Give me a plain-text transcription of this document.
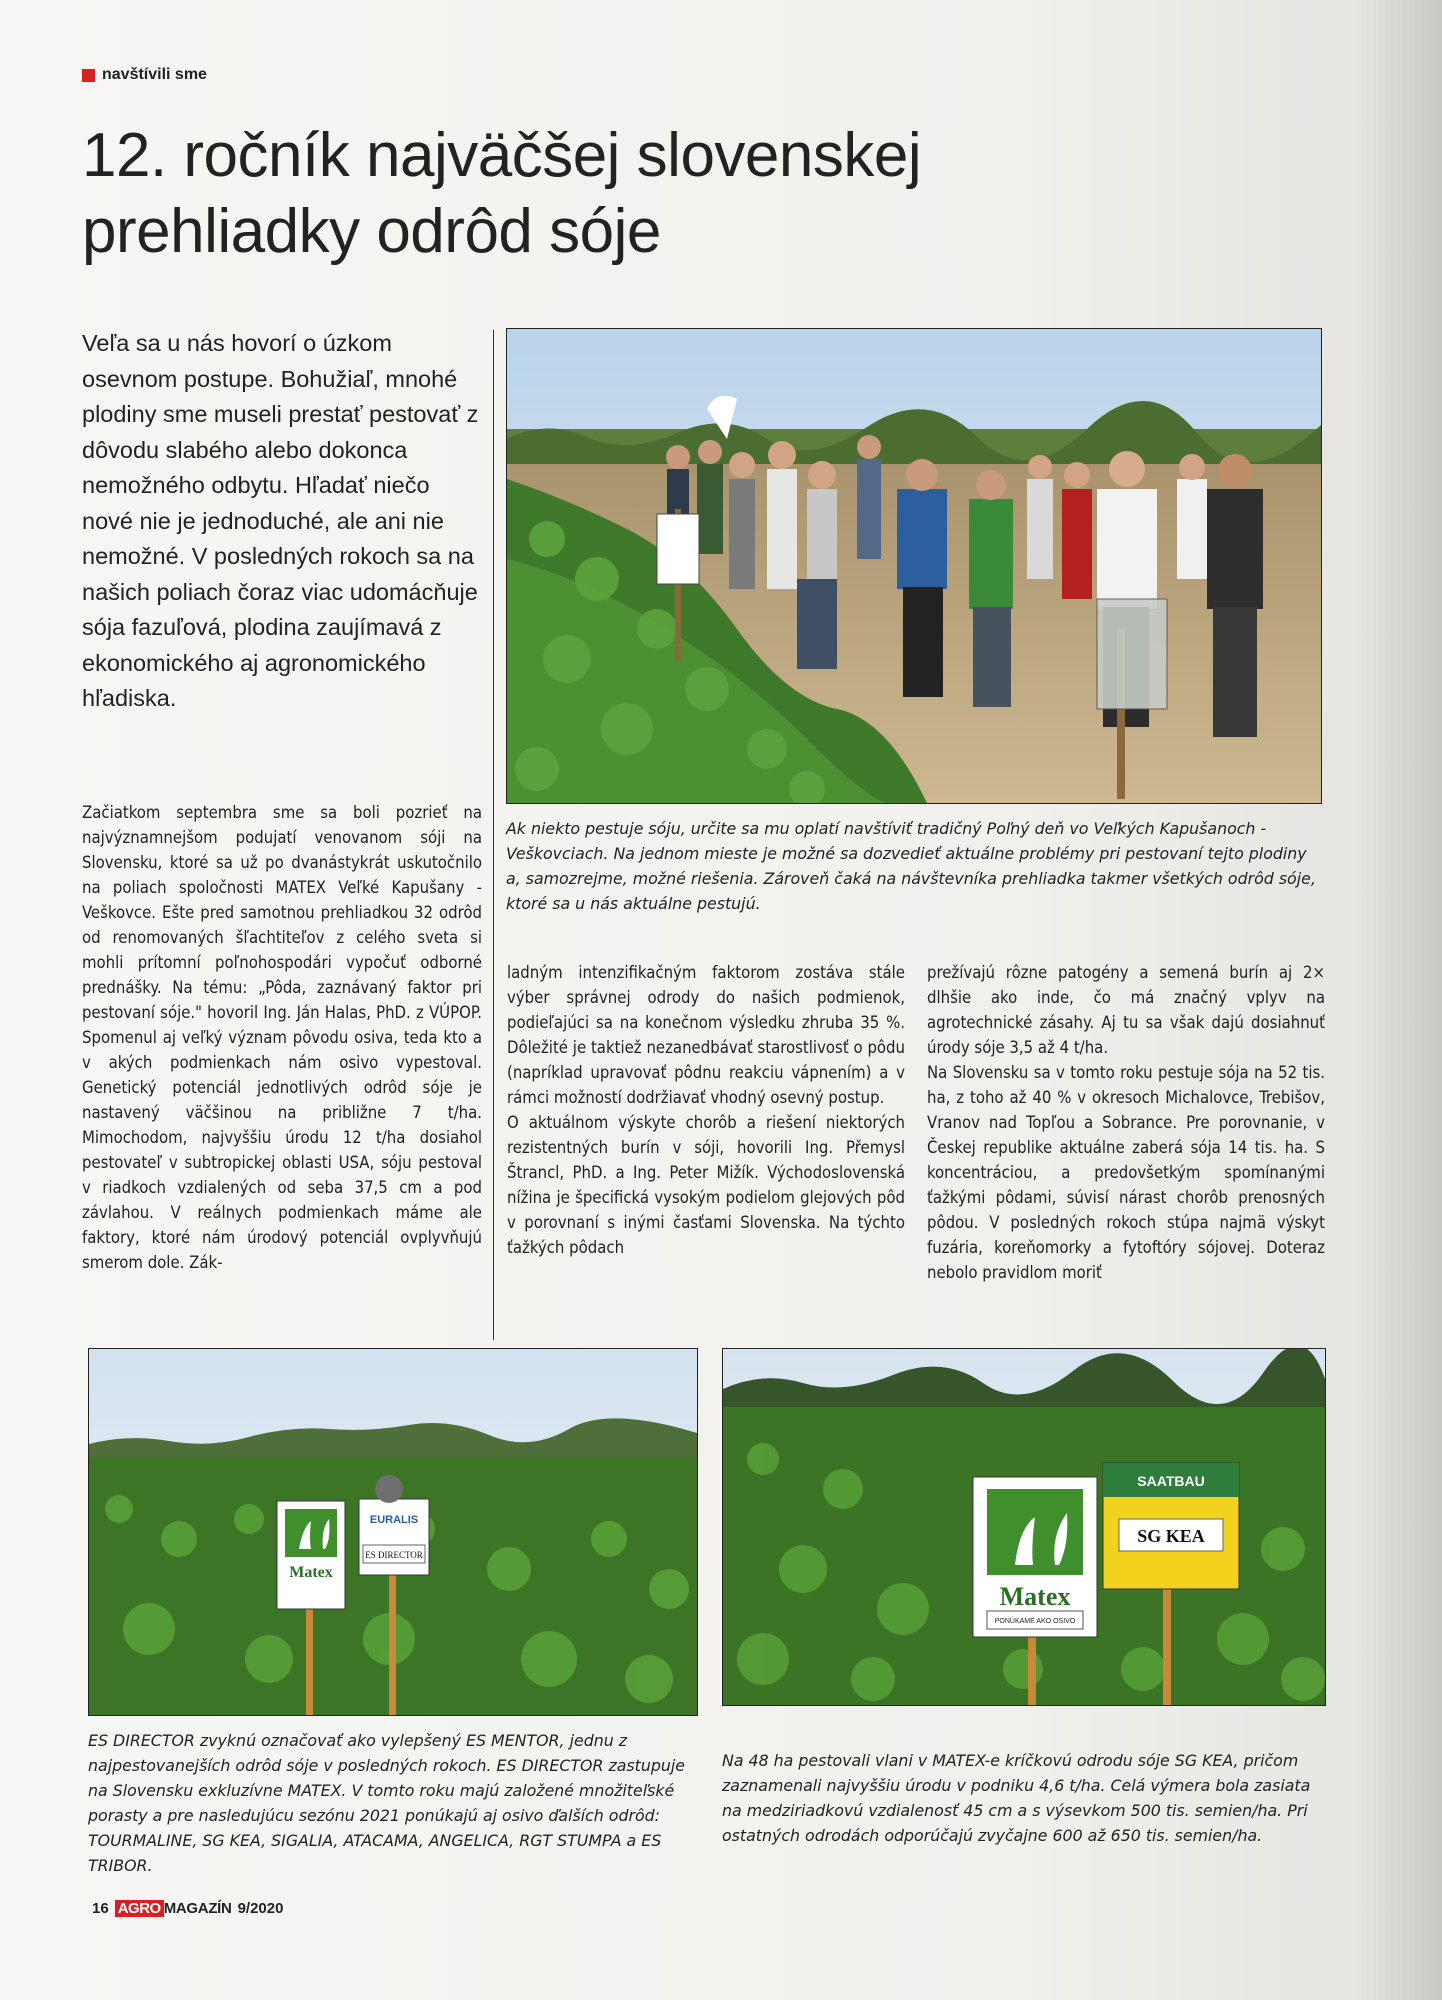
navštívili sme
12. ročník najväčšej slovenskej
prehliadky odrôd sóje

Veľa sa u nás hovorí o úzkom osevnom postupe. Bohužiaľ, mnohé plodiny sme museli prestať pestovať z dôvodu slabého alebo dokonca nemožného odbytu. Hľadať niečo nové nie je jednoduché, ale ani nie nemožné. V posledných rokoch sa na našich poliach čoraz viac udomácňuje sója fazuľová, plodina zaujímavá z ekonomického aj agronomického hľadiska.

Ak niekto pestuje sóju, určite sa mu oplatí navštíviť tradičný Poľný deň vo Veľkých Kapušanoch - Veškovciach. Na jednom mieste je možné sa dozvedieť aktuálne problémy pri pestovaní tejto plodiny a, samozrejme, možné riešenia. Zároveň čaká na návštevníka prehliadka takmer všetkých odrôd sóje, ktoré sa u nás aktuálne pestujú.

Začiatkom septembra sme sa boli pozrieť na najvýznamnejšom podujatí venovanom sóji na Slovensku, ktoré sa už po dvanástykrát uskutočnilo na poliach spoločnosti MATEX Veľké Kapušany - Veškovce. Ešte pred samotnou prehliadkou 32 odrôd od renomovaných šľachtiteľov z celého sveta si mohli prítomní poľnohospodári vypočuť odborné prednášky. Na tému: „Pôda, zaznávaný faktor pri pestovaní sóje." hovoril Ing. Ján Halas, PhD. z VÚPOP. Spomenul aj veľký význam pôvodu osiva, teda kto a v akých podmienkach nám osivo vypestoval. Genetický potenciál jednotlivých odrôd sóje je nastavený väčšinou na približne 7 t/ha. Mimochodom, najvyššiu úrodu 12 t/ha dosiahol pestovateľ v subtropickej oblasti USA, sóju pestoval v riadkoch vzdialených od seba 37,5 cm a pod závlahou. V reálnych podmienkach máme ale faktory, ktoré nám úrodový potenciál ovplyvňujú smerom dole. Zák-

ladným intenzifikačným faktorom zostáva stále výber správnej odrody do našich podmienok, podieľajúci sa na konečnom výsledku zhruba 35 %. Dôležité je taktiež nezanedbávať starostlivosť o pôdu (napríklad upravovať pôdnu reakciu vápnením) a v rámci možností dodržiavať vhodný osevný postup.

O aktuálnom výskyte chorôb a riešení niektorých rezistentných burín v sóji, hovorili Ing. Přemysl Štrancl, PhD. a Ing. Peter Mižík. Východoslovenská nížina je špecifická vysokým podielom glejových pôd v porovnaní s inými časťami Slovenska. Na týchto ťažkých pôdach

prežívajú rôzne patogény a semená burín aj 2× dlhšie ako inde, čo má značný vplyv na agrotechnické zásahy. Aj tu sa však dajú dosiahnuť úrody sóje 3,5 až 4 t/ha.

Na Slovensku sa v tomto roku pestuje sója na 52 tis. ha, z toho až 40 % v okresoch Michalovce, Trebišov, Vranov nad Topľou a Sobrance. Pre porovnanie, v Českej republike aktuálne zaberá sója 14 tis. ha. S koncentráciou, a predovšetkým spomínanými ťažkými pôdami, súvisí nárast chorôb prenosných pôdou. V posledných rokoch stúpa najmä výskyt fuzária, koreňomorky a fytoftóry sójovej. Doteraz nebolo pravidlom moriť

Matex
EURALIS
ES DIRECTOR
Matex
PONÚKAME AKO OSIVO
SAATBAU
SG KEA

ES DIRECTOR zvyknú označovať ako vylepšený ES MENTOR, jednu z najpestovanejších odrôd sóje v posledných rokoch. ES DIRECTOR zastupuje na Slovensku exkluzívne MATEX. V tomto roku majú založené množiteľské porasty a pre nasledujúcu sezónu 2021 ponúkajú aj osivo ďalších odrôd: TOURMALINE, SG KEA, SIGALIA, ATACAMA, ANGELICA, RGT STUMPA a ES TRIBOR.

Na 48 ha pestovali vlani v MATEX-e kríčkovú odrodu sóje SG KEA, pričom zaznamenali najvyššiu úrodu v podniku 4,6 t/ha. Celá výmera bola zasiata na medziriadkovú vzdialenosť 45 cm a s výsevkom 500 tis. semien/ha. Pri ostatných odrodách odporúčajú zvyčajne 600 až 650 tis. semien/ha.

16 AGRO MAGAZÍN 9/2020
